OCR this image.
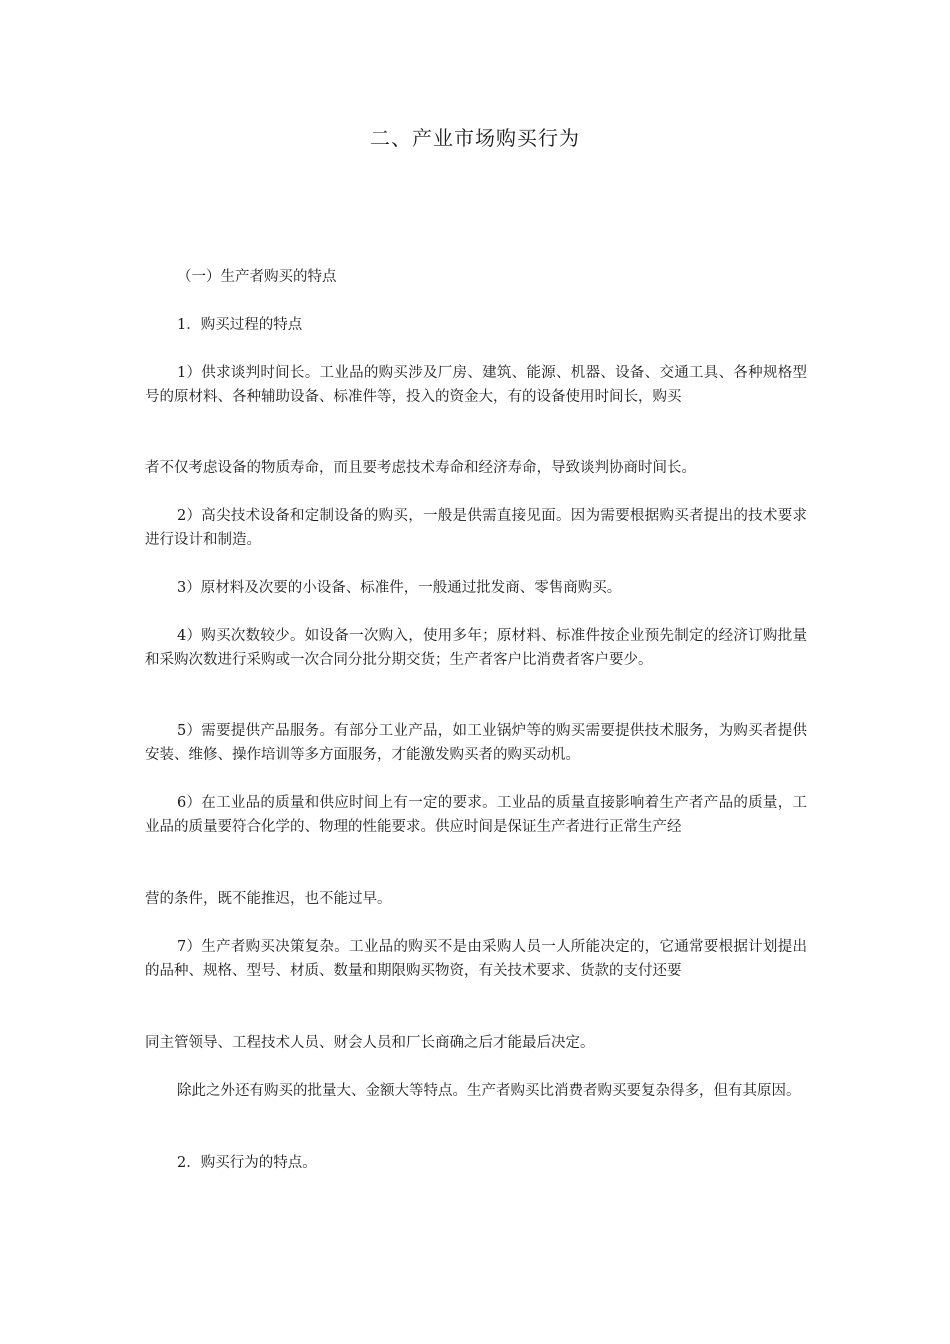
二、产业市场购买行为

（一）生产者购买的特点

1．购买过程的特点

1）供求谈判时间长。工业品的购买涉及厂房、建筑、能源、机器、设备、交通工具、各种规格型号的原材料、各种辅助设备、标准件等，投入的资金大，有的设备使用时间长，购买

者不仅考虑设备的物质寿命，而且要考虑技术寿命和经济寿命，导致谈判协商时间长。

2）高尖技术设备和定制设备的购买，一般是供需直接见面。因为需要根据购买者提出的技术要求进行设计和制造。

3）原材料及次要的小设备、标准件，一般通过批发商、零售商购买。

4）购买次数较少。如设备一次购入，使用多年；原材料、标准件按企业预先制定的经济订购批量和采购次数进行采购或一次合同分批分期交货；生产者客户比消费者客户要少。

5）需要提供产品服务。有部分工业产品，如工业锅炉等的购买需要提供技术服务，为购买者提供安装、维修、操作培训等多方面服务，才能激发购买者的购买动机。

6）在工业品的质量和供应时间上有一定的要求。工业品的质量直接影响着生产者产品的质量，工业品的质量要符合化学的、物理的性能要求。供应时间是保证生产者进行正常生产经

营的条件，既不能推迟，也不能过早。

7）生产者购买决策复杂。工业品的购买不是由采购人员一人所能决定的，它通常要根据计划提出的品种、规格、型号、材质、数量和期限购买物资，有关技术要求、货款的支付还要

同主管领导、工程技术人员、财会人员和厂长商确之后才能最后决定。

除此之外还有购买的批量大、金额大等特点。生产者购买比消费者购买要复杂得多，但有其原因。

2．购买行为的特点。
